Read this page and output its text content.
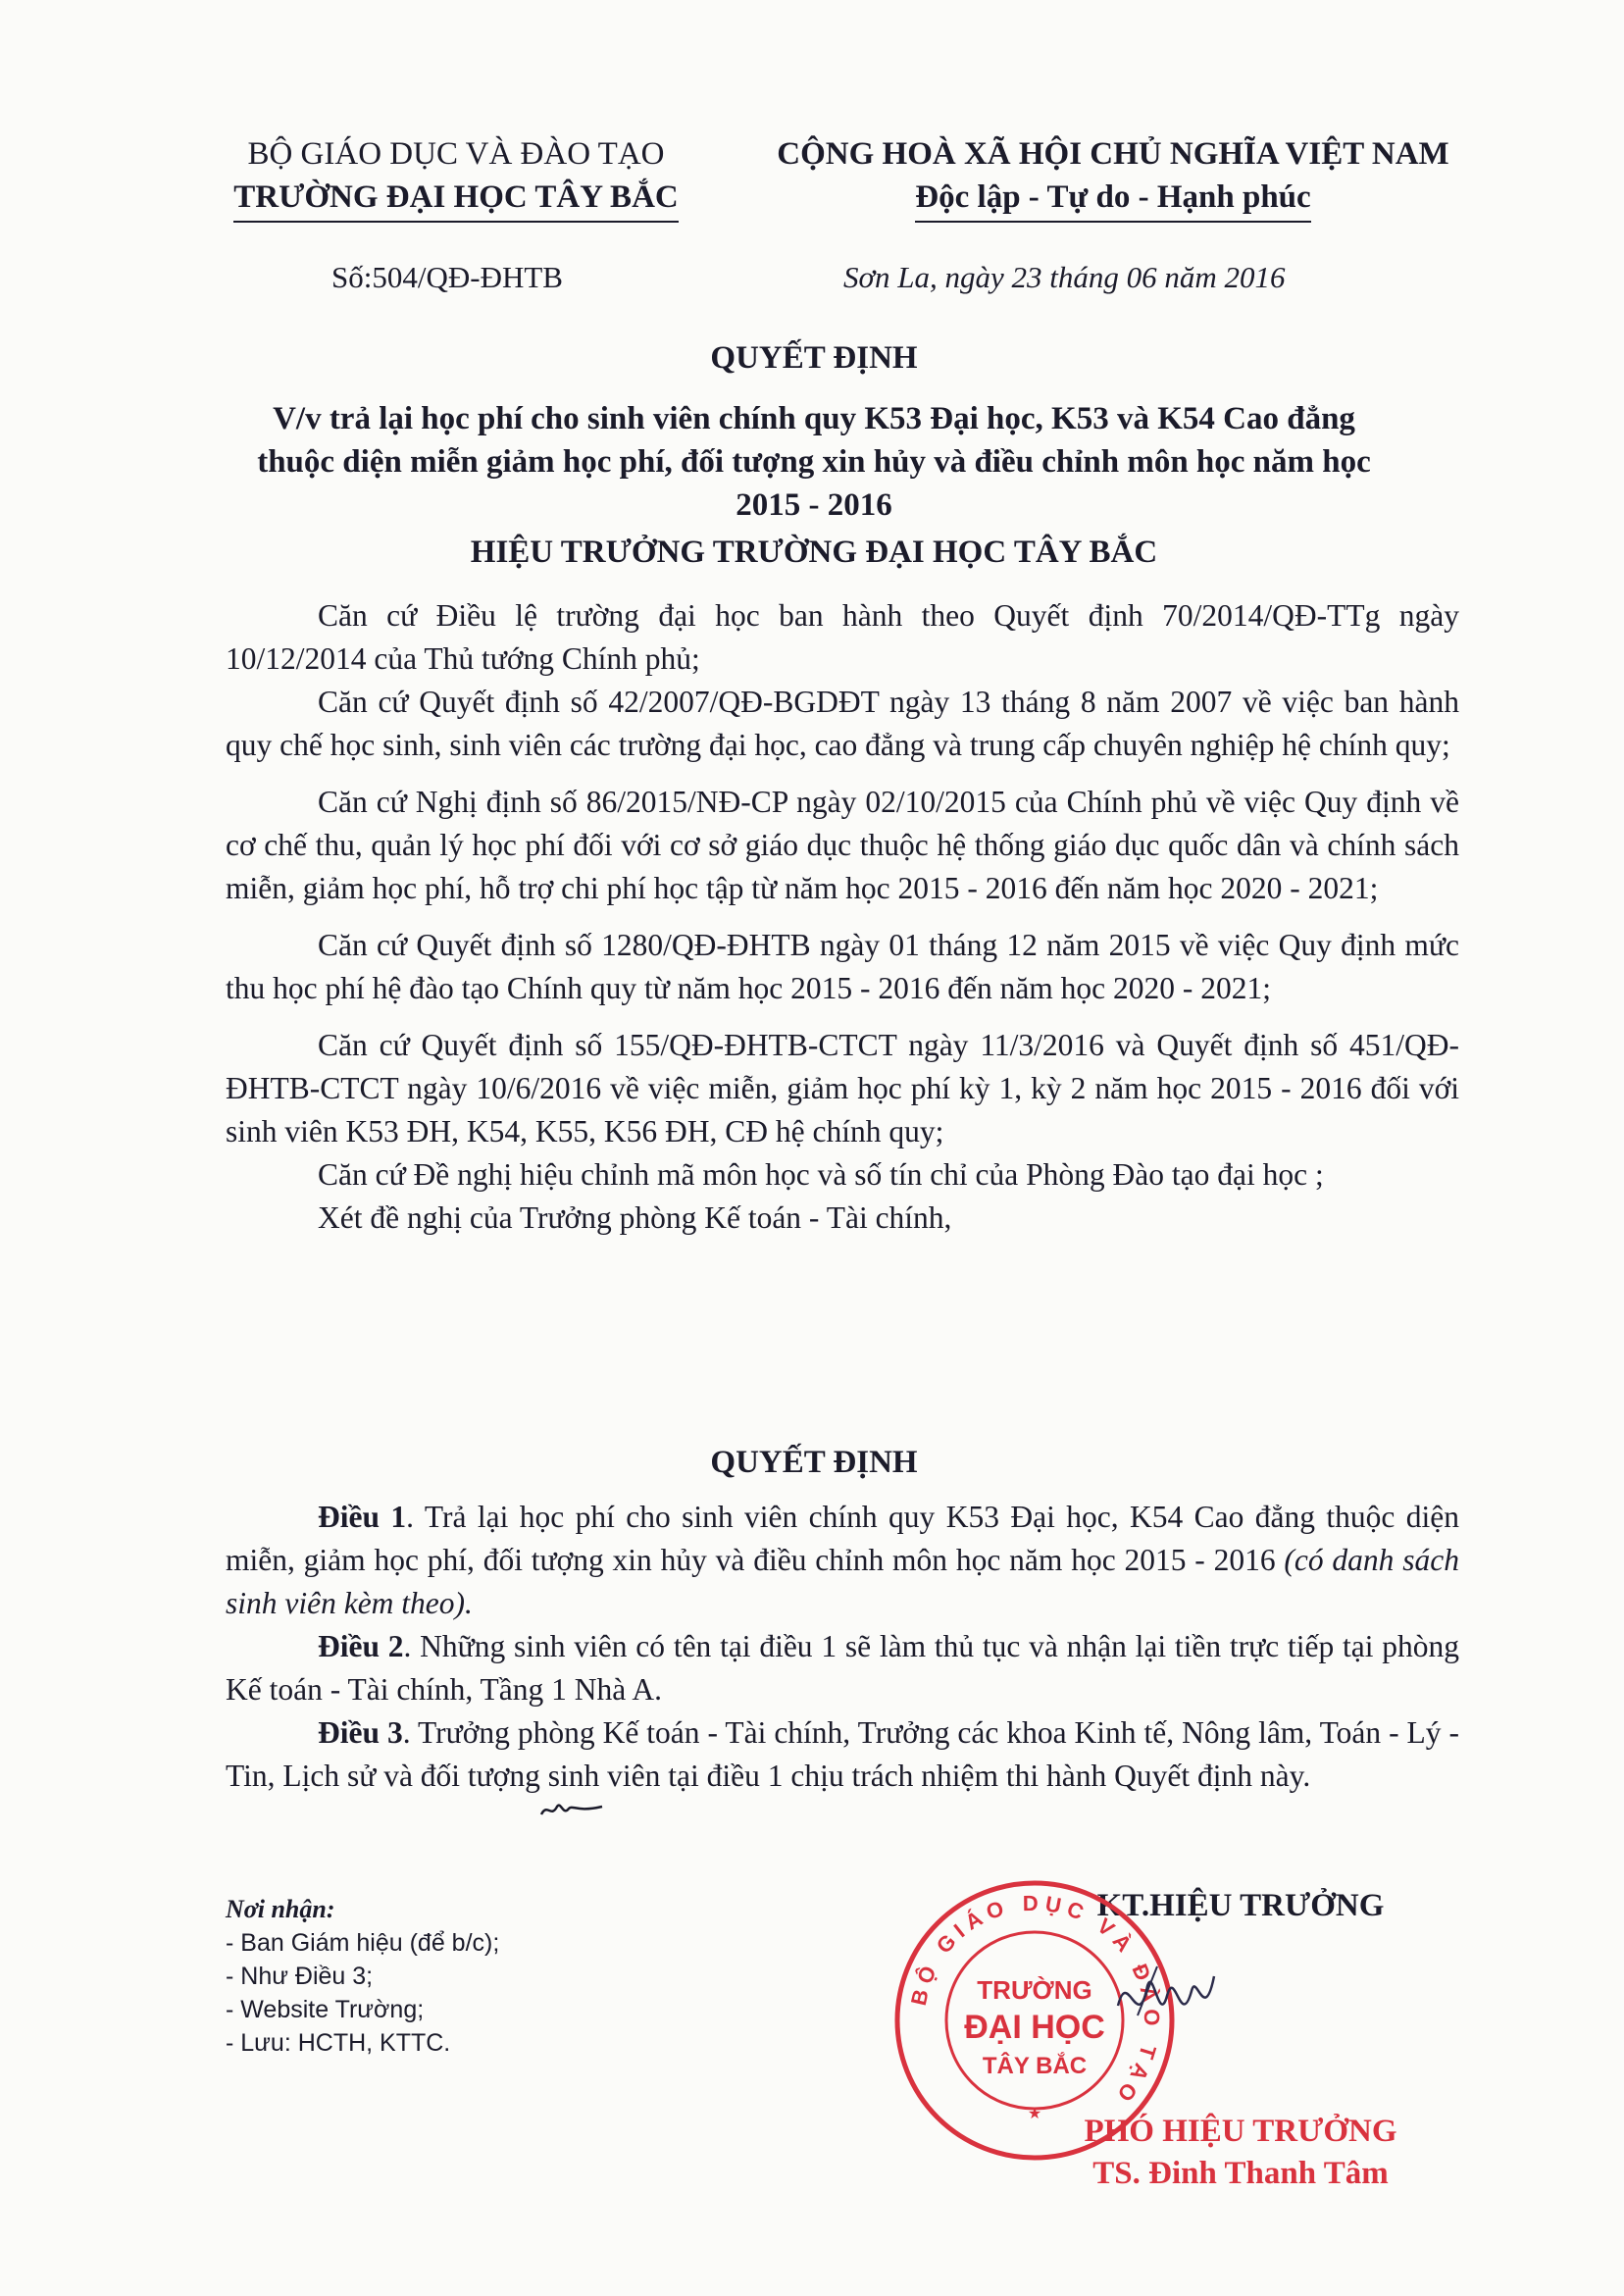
BỘ GIÁO DỤC VÀ ĐÀO TẠO
TRƯỜNG ĐẠI HỌC TÂY BẮC
CỘNG HOÀ XÃ HỘI CHỦ NGHĨA VIỆT NAM
Độc lập - Tự do - Hạnh phúc
Số:504/QĐ-ĐHTB	Sơn La, ngày 23 tháng 06 năm 2016
QUYẾT ĐỊNH
V/v trả lại học phí cho sinh viên chính quy K53 Đại học, K53 và K54 Cao đẳng
thuộc diện miễn giảm học phí, đối tượng xin hủy và điều chỉnh môn học năm học
2015 - 2016
HIỆU TRƯỞNG TRƯỜNG ĐẠI HỌC TÂY BẮC

Căn cứ Điều lệ trường đại học ban hành theo Quyết định 70/2014/QĐ-TTg ngày 10/12/2014 của Thủ tướng Chính phủ;

Căn cứ Quyết định số 42/2007/QĐ-BGDĐT ngày 13 tháng 8 năm 2007 về việc ban hành quy chế học sinh, sinh viên các trường đại học, cao đẳng và trung cấp chuyên nghiệp hệ chính quy;

Căn cứ Nghị định số 86/2015/NĐ-CP ngày 02/10/2015 của Chính phủ về việc Quy định về cơ chế thu, quản lý học phí đối với cơ sở giáo dục thuộc hệ thống giáo dục quốc dân và chính sách miễn, giảm học phí, hỗ trợ chi phí học tập từ năm học 2015 - 2016 đến năm học 2020 - 2021;

Căn cứ Quyết định số 1280/QĐ-ĐHTB ngày 01 tháng 12 năm 2015 về việc Quy định mức thu học phí hệ đào tạo Chính quy từ năm học 2015 - 2016 đến năm học 2020 - 2021;

Căn cứ Quyết định số 155/QĐ-ĐHTB-CTCT ngày 11/3/2016 và Quyết định số 451/QĐ-ĐHTB-CTCT ngày 10/6/2016 về việc miễn, giảm học phí kỳ 1, kỳ 2 năm học 2015 - 2016 đối với sinh viên K53 ĐH, K54, K55, K56 ĐH, CĐ hệ chính quy;

Căn cứ Đề nghị hiệu chỉnh mã môn học và số tín chỉ của Phòng Đào tạo đại học ;

Xét đề nghị của Trưởng phòng Kế toán - Tài chính,

QUYẾT ĐỊNH

Điều 1. Trả lại học phí cho sinh viên chính quy K53 Đại học, K54 Cao đẳng thuộc diện miễn, giảm học phí, đối tượng xin hủy và điều chỉnh môn học năm học 2015 - 2016 (có danh sách sinh viên kèm theo).

Điều 2. Những sinh viên có tên tại điều 1 sẽ làm thủ tục và nhận lại tiền trực tiếp tại phòng Kế toán - Tài chính, Tầng 1 Nhà A.

Điều 3. Trưởng phòng Kế toán - Tài chính, Trưởng các khoa Kinh tế, Nông lâm, Toán - Lý - Tin, Lịch sử và đối tượng sinh viên tại điều 1 chịu trách nhiệm thi hành Quyết định này.

Nơi nhận:
- Ban Giám hiệu (để b/c);
- Như Điều 3;
- Website Trường;
- Lưu: HCTH, KTTC.
KT.HIỆU TRƯỞNG
BỘ GIÁO DỤC VÀ ĐÀO TẠO
TRƯỜNG
ĐẠI HỌC
TÂY BẮC
★	PHÓ HIỆU TRƯỞNG
TS. Đinh Thanh Tâm
